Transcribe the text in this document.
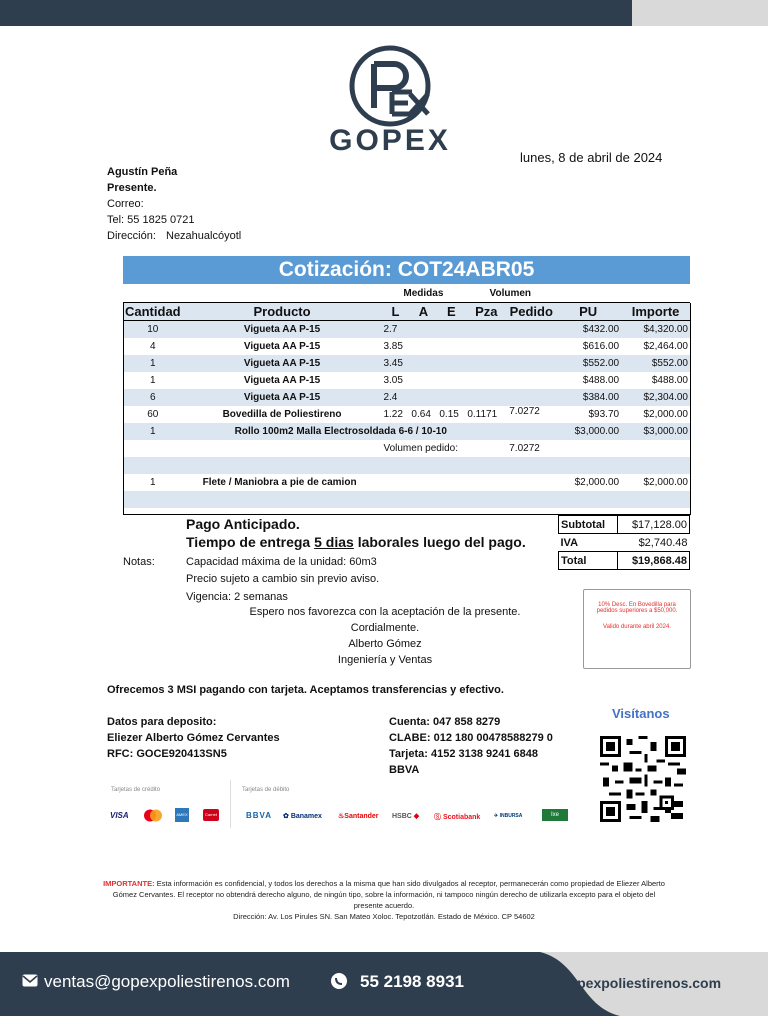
GOPEX
lunes, 8 de abril de 2024
Agustín Peña
Presente.
Correo:
Tel: 55 1825 0721
Dirección: Nezahualcóyotl
Cotización: COT24ABR05
		Medidas			Volumen			
Cantidad	Producto	L	A	E	Pza	Pedido	PU	Importe
10	Vigueta AA P-15	2.7					$432.00	$4,320.00
4	Vigueta AA P-15	3.85					$616.00	$2,464.00
1	Vigueta AA P-15	3.45					$552.00	$552.00
1	Vigueta AA P-15	3.05					$488.00	$488.00
6	Vigueta AA P-15	2.4					$384.00	$2,304.00
60	Bovedilla de Poliestireno	1.22	0.64	0.15	0.1171	7.0272	$93.70	$2,000.00
1	Rollo 100m2 Malla Electrosoldada 6-6 / 10-10						$3,000.00	$3,000.00
		Volumen pedido:				7.0272		

1	Flete / Maniobra a pie de camion						$2,000.00	$2,000.00

Pago Anticipado.
Tiempo de entrega 5 dias laborales luego del pago.
Subtotal	$17,128.00
IVA	$2,740.48
Total	$19,868.48
Notas:	Capacidad máxima de la unidad: 60m3
Precio sujeto a cambio sin previo aviso.
Vigencia: 2 semanas
Espero nos favorezca con la aceptación de la presente.
Cordialmente.
Alberto Gómez
Ingeniería y Ventas
10% Desc. En Bovedilla para pedidos superiores a $50,000.
Valido durante abril 2024.
Ofrecemos 3 MSI pagando con tarjeta. Aceptamos transferencias y efectivo.
Datos para deposito:
Eliezer Alberto Gómez Cervantes
RFC: GOCE920413SN5
Cuenta: 047 858 8279
CLABE: 012 180 00478588279 0
Tarjeta: 4152 3138 9241 6848
BBVA
Visítanos
Tarjetas de crédito	Tarjetas de débito
VISA	AMEX	Carnet	BBVA ✿ Banamex ♨Santander HSBC ◆ Ⓢ Scotiabank	✈ INBURSA	Ixe
IMPORTANTE: Esta información es confidencial, y todos los derechos a la misma que han sido divulgados al receptor, permanecerán como propiedad de Eliezer Alberto Gómez Cervantes. El receptor no obtendrá derecho alguno, de ningún tipo, sobre la información, ni tampoco ningún derecho de utilizarla excepto para el objeto del presente acuerdo.
Dirección: Av. Los Pirules SN. San Mateo Xoloc. Tepotzotlán. Estado de México. CP 54602
ventas@gopexpoliestirenos.com	55 2198 8931	gopexpoliestirenos.com
